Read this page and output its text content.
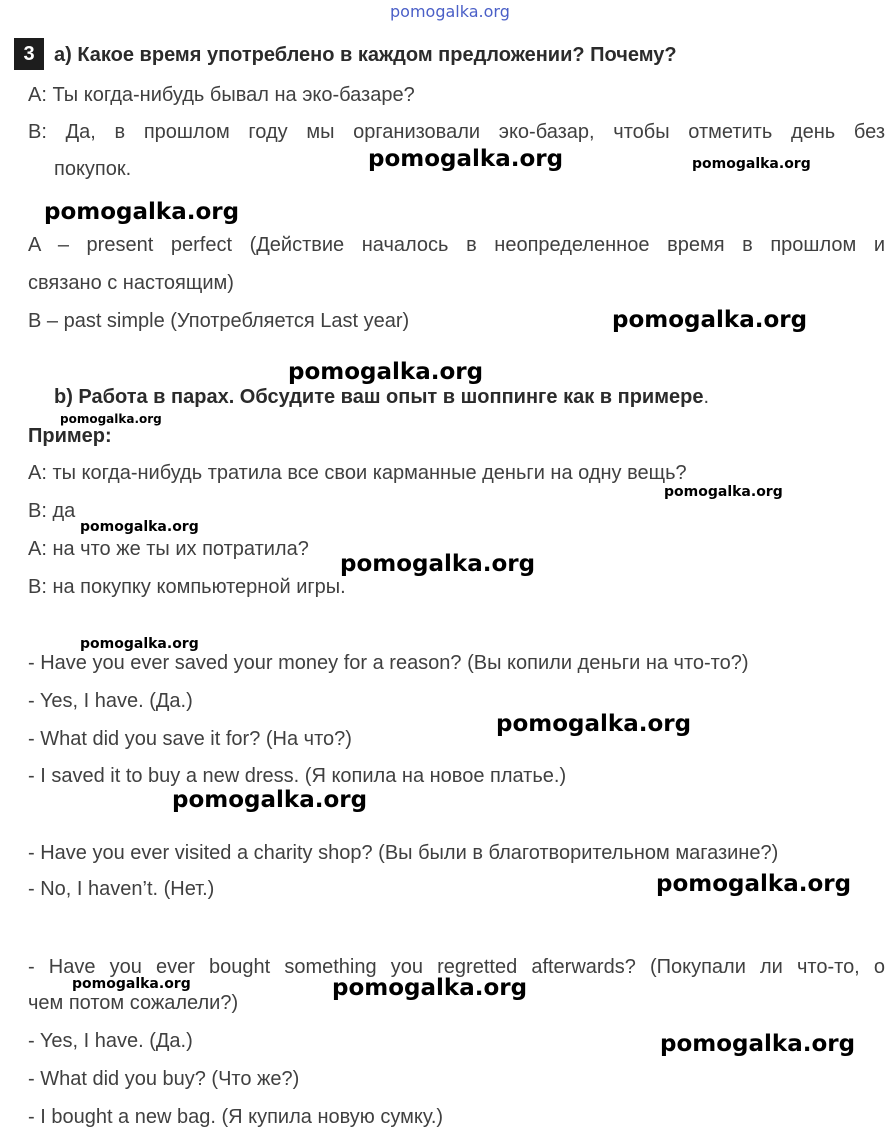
pomogalka.org
3 a) Какое время употреблено в каждом предложении? Почему?
A: Ты когда-нибудь бывал на эко-базаре?
B: Да, в прошлом году мы организовали эко-базар, чтобы отметить день без
покупок.
A – present perfect (Действие началось в неопределенное время в прошлом и
связано с настоящим)
B – past simple (Употребляется Last year)
b) Работа в парах. Обсудите ваш опыт в шоппинге как в примере.
Пример:
A: ты когда-нибудь тратила все свои карманные деньги на одну вещь?
B: да
A: на что же ты их потратила?
B: на покупку компьютерной игры.
- Have you ever saved your money for a reason? (Вы копили деньги на что-то?)
- Yes, I have. (Да.)
- What did you save it for? (На что?)
- I saved it to buy a new dress. (Я копила на новое платье.)
- Have you ever visited a charity shop? (Вы были в благотворительном магазине?)
- No, I haven’t. (Нет.)
- Have you ever bought something you regretted afterwards? (Покупали ли что-то, о
чем потом сожалели?)
- Yes, I have. (Да.)
- What did you buy? (Что же?)
- I bought a new bag. (Я купила новую сумку.)
pomogalka.org	pomogalka.org
pomogalka.org
pomogalka.org
pomogalka.org
pomogalka.org
pomogalka.org
pomogalka.org
pomogalka.org
pomogalka.org
pomogalka.org
pomogalka.org
pomogalka.org
pomogalka.org	pomogalka.org
pomogalka.org
